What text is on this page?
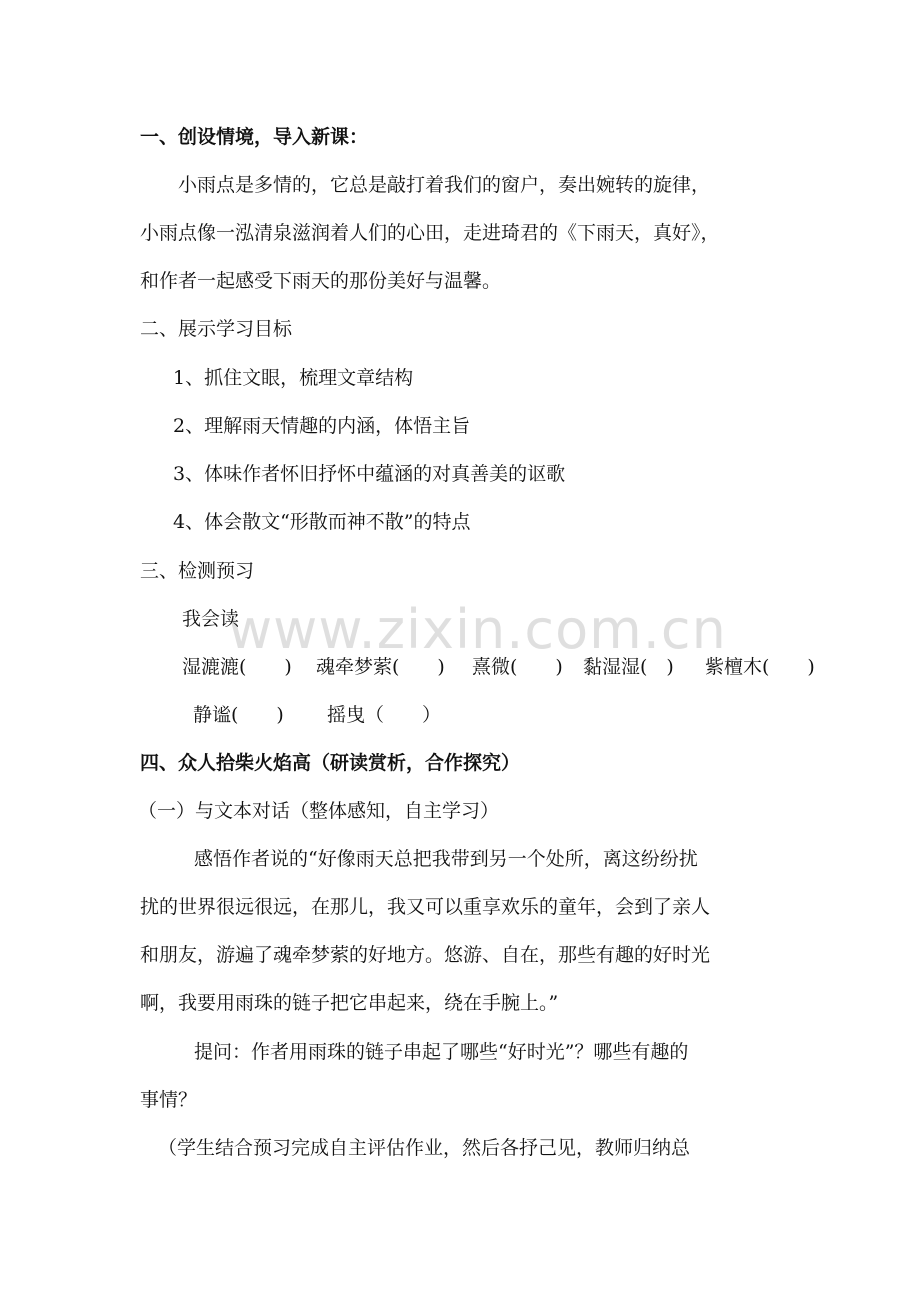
www.zixin.com.cn
一、创设情境，导入新课：
小雨点是多情的，它总是敲打着我们的窗户，奏出婉转的旋律，
小雨点像一泓清泉滋润着人们的心田，走进琦君的《下雨天，真好》，
和作者一起感受下雨天的那份美好与温馨。
二、展示学习目标
1、抓住文眼，梳理文章结构
2、理解雨天情趣的内涵，体悟主旨
3、体味作者怀旧抒怀中蕴涵的对真善美的讴歌
4、体会散文“形散而神不散”的特点
三、检测预习
我会读
湿漉漉(　　) 魂牵梦萦(　　) 熹微(　　) 黏湿湿(　) 紫檀木(　　)
静谧(　　) 摇曳（　　）
四、众人拾柴火焰高（研读赏析，合作探究）
（一）与文本对话（整体感知，自主学习）
感悟作者说的“好像雨天总把我带到另一个处所，离这纷纷扰
扰的世界很远很远，在那儿，我又可以重享欢乐的童年，会到了亲人
和朋友，游遍了魂牵梦萦的好地方。悠游、自在，那些有趣的好时光
啊，我要用雨珠的链子把它串起来，绕在手腕上。”
提问：作者用雨珠的链子串起了哪些“好时光”？哪些有趣的
事情？
（学生结合预习完成自主评估作业，然后各抒己见，教师归纳总
